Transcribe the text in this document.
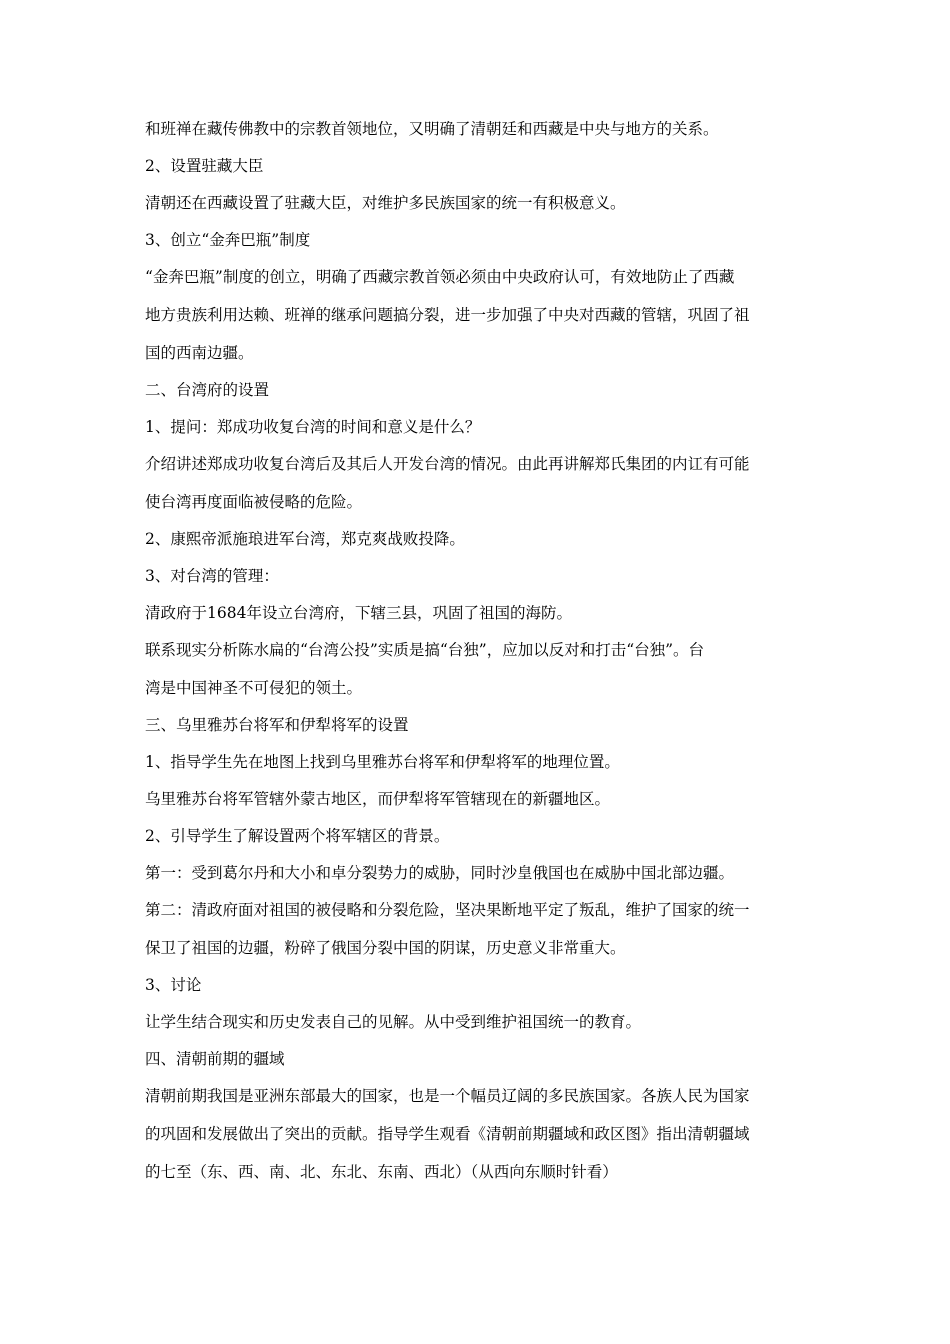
和班禅在藏传佛教中的宗教首领地位，又明确了清朝廷和西藏是中央与地方的关系。

2、设置驻藏大臣

清朝还在西藏设置了驻藏大臣，对维护多民族国家的统一有积极意义。

3、创立“金奔巴瓶”制度

“金奔巴瓶”制度的创立，明确了西藏宗教首领必须由中央政府认可，有效地防止了西藏

地方贵族利用达赖、班禅的继承问题搞分裂，进一步加强了中央对西藏的管辖，巩固了祖

国的西南边疆。

二、台湾府的设置

1、提问：郑成功收复台湾的时间和意义是什么？

介绍讲述郑成功收复台湾后及其后人开发台湾的情况。由此再讲解郑氏集团的内讧有可能

使台湾再度面临被侵略的危险。

2、康熙帝派施琅进军台湾，郑克爽战败投降。

3、对台湾的管理：

清政府于1684年设立台湾府，下辖三县，巩固了祖国的海防。

联系现实分析陈水扁的“台湾公投”实质是搞“台独”，应加以反对和打击“台独”。台

湾是中国神圣不可侵犯的领土。

三、乌里雅苏台将军和伊犁将军的设置

1、指导学生先在地图上找到乌里雅苏台将军和伊犁将军的地理位置。

乌里雅苏台将军管辖外蒙古地区，而伊犁将军管辖现在的新疆地区。

2、引导学生了解设置两个将军辖区的背景。

第一：受到葛尔丹和大小和卓分裂势力的威胁，同时沙皇俄国也在威胁中国北部边疆。

第二：清政府面对祖国的被侵略和分裂危险，坚决果断地平定了叛乱，维护了国家的统一

保卫了祖国的边疆，粉碎了俄国分裂中国的阴谋，历史意义非常重大。

3、讨论

让学生结合现实和历史发表自己的见解。从中受到维护祖国统一的教育。

四、清朝前期的疆域

清朝前期我国是亚洲东部最大的国家，也是一个幅员辽阔的多民族国家。各族人民为国家

的巩固和发展做出了突出的贡献。指导学生观看《清朝前期疆域和政区图》指出清朝疆域

的七至（东、西、南、北、东北、东南、西北）（从西向东顺时针看）
